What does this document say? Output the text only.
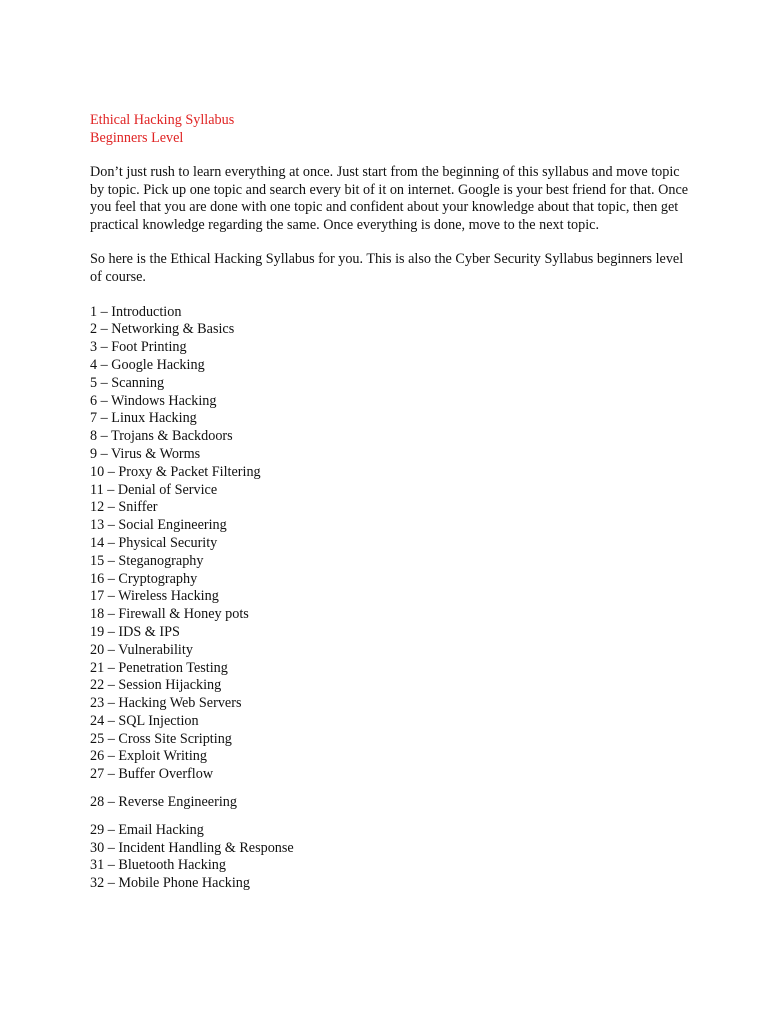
Ethical Hacking Syllabus
Beginners Level

Don’t just rush to learn everything at once. Just start from the beginning of this syllabus and move topic by topic. Pick up one topic and search every bit of it on internet. Google is your best friend for that. Once you feel that you are done with one topic and confident about your knowledge about that topic, then get practical knowledge regarding the same. Once everything is done, move to the next topic.

So here is the Ethical Hacking Syllabus for you. This is also the Cyber Security Syllabus beginners level of course.

1 – Introduction
2 – Networking & Basics
3 – Foot Printing
4 – Google Hacking
5 – Scanning
6 – Windows Hacking
7 – Linux Hacking
8 – Trojans & Backdoors
9 – Virus & Worms
10 – Proxy & Packet Filtering
11 – Denial of Service
12 – Sniffer
13 – Social Engineering
14 – Physical Security
15 – Steganography
16 – Cryptography
17 – Wireless Hacking
18 – Firewall & Honey pots
19 – IDS & IPS
20 – Vulnerability
21 – Penetration Testing
22 – Session Hijacking
23 – Hacking Web Servers
24 – SQL Injection
25 – Cross Site Scripting
26 – Exploit Writing
27 – Buffer Overflow
28 – Reverse Engineering
29 – Email Hacking
30 – Incident Handling & Response
31 – Bluetooth Hacking
32 – Mobile Phone Hacking
